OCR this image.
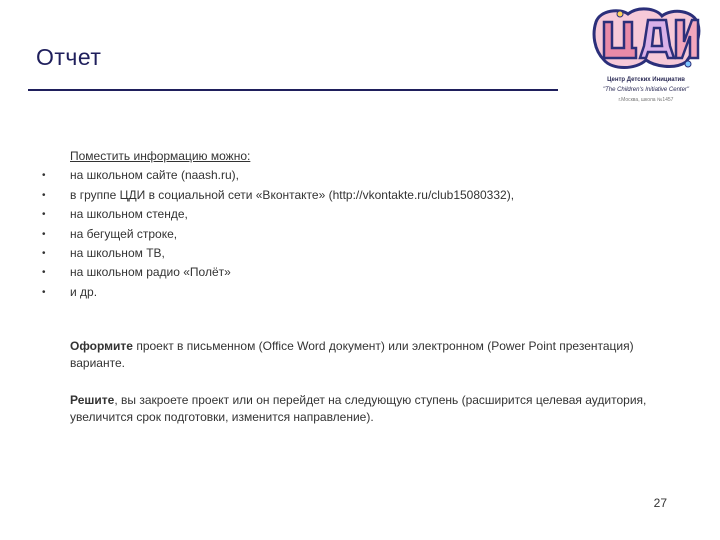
Отчет
Центр Детских Инициатив
"The Children's Initiative Center"
г.Москва, школа №1457
Поместить информацию можно:
• на школьном сайте (naash.ru),
• в группе ЦДИ в социальной сети «Вконтакте» (http://vkontakte.ru/club15080332),
• на школьном стенде,
• на бегущей строке,
• на школьном ТВ,
• на школьном радио «Полёт»
• и др.
Оформите проект в письменном (Office Word документ) или электронном (Power Point презентация) варианте.
Решите, вы закроете проект или он перейдет на следующую ступень (расширится целевая аудитория, увеличится срок подготовки, изменится направление).
27
